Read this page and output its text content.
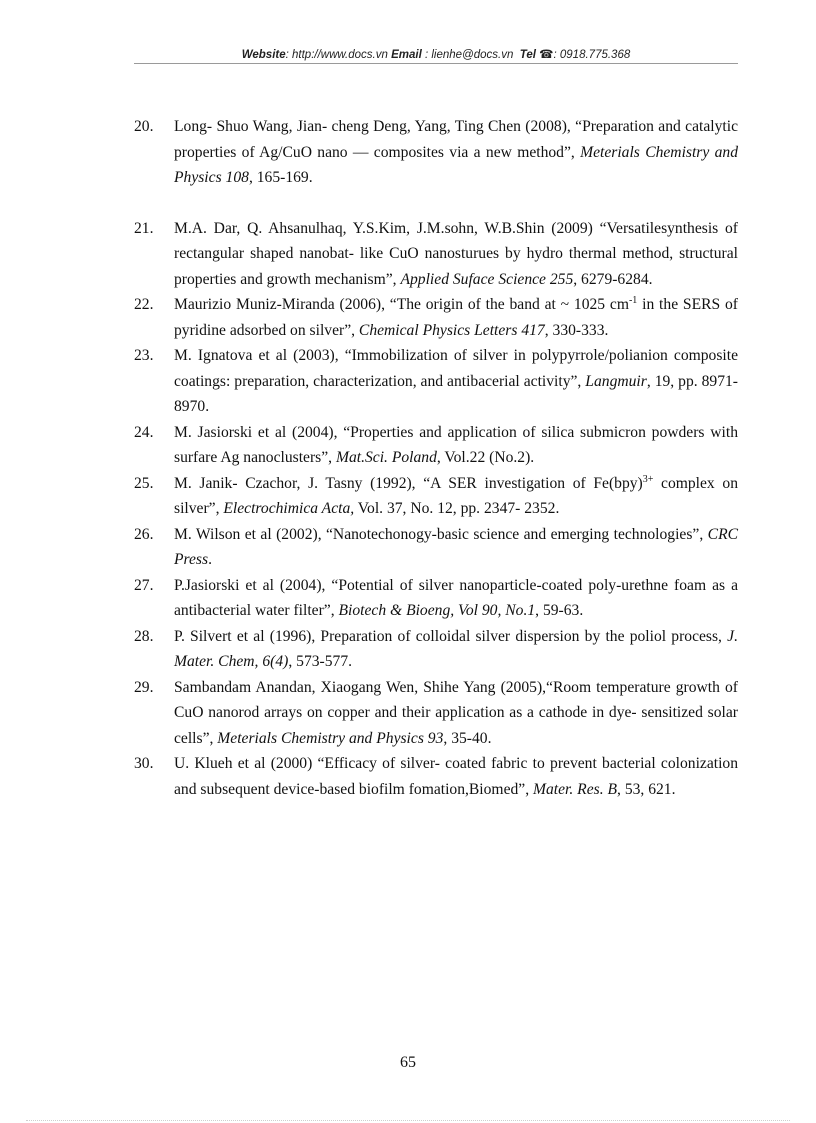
Website: http://www.docs.vn Email : lienhe@docs.vn Tel ☎: 0918.775.368

20. Long- Shuo Wang, Jian- cheng Deng, Yang, Ting Chen (2008), “Preparation and catalytic properties of Ag/CuO nano — composites via a new method”, Meterials Chemistry and Physics 108, 165-169.

21. M.A. Dar, Q. Ahsanulhaq, Y.S.Kim, J.M.sohn, W.B.Shin (2009) “Versatilesynthesis of rectangular shaped nanobat- like CuO nanosturues by hydro thermal method, structural properties and growth mechanism”, Applied Suface Science 255, 6279-6284.

22. Maurizio Muniz-Miranda (2006), “The origin of the band at ~ 1025 $cm^{-1}$ in the SERS of pyridine adsorbed on silver”, Chemical Physics Letters 417, 330-333.

23. M. Ignatova et al (2003), “Immobilization of silver in polypyrrole/polianion composite coatings: preparation, characterization, and antibacerial activity”, Langmuir, 19, pp. 8971-8970.

24. M. Jasiorski et al (2004), “Properties and application of silica submicron powders with surfare Ag nanoclusters”, Mat.Sci. Poland, Vol.22 (No.2).

25. M. Janik- Czachor, J. Tasny (1992), “A SER investigation of Fe(bpy)$^{3+}$ complex on silver”, Electrochimica Acta, Vol. 37, No. 12, pp. 2347- 2352.

26. M. Wilson et al (2002), “Nanotechonogy-basic science and emerging technologies”, CRC Press.

27. P.Jasiorski et al (2004), “Potential of silver nanoparticle-coated poly-urethne foam as a antibacterial water filter”, Biotech & Bioeng, Vol 90, No.1, 59-63.

28. P. Silvert et al (1996), Preparation of colloidal silver dispersion by the poliol process, J. Mater. Chem, 6(4), 573-577.

29. Sambandam Anandan, Xiaogang Wen, Shihe Yang (2005),“Room temperature growth of CuO nanorod arrays on copper and their application as a cathode in dye- sensitized solar cells”, Meterials Chemistry and Physics 93, 35-40.

30. U. Klueh et al (2000) “Efficacy of silver- coated fabric to prevent bacterial colonization and subsequent device-based biofilm fomation,Biomed”, Mater. Res. B, 53, 621.

65
